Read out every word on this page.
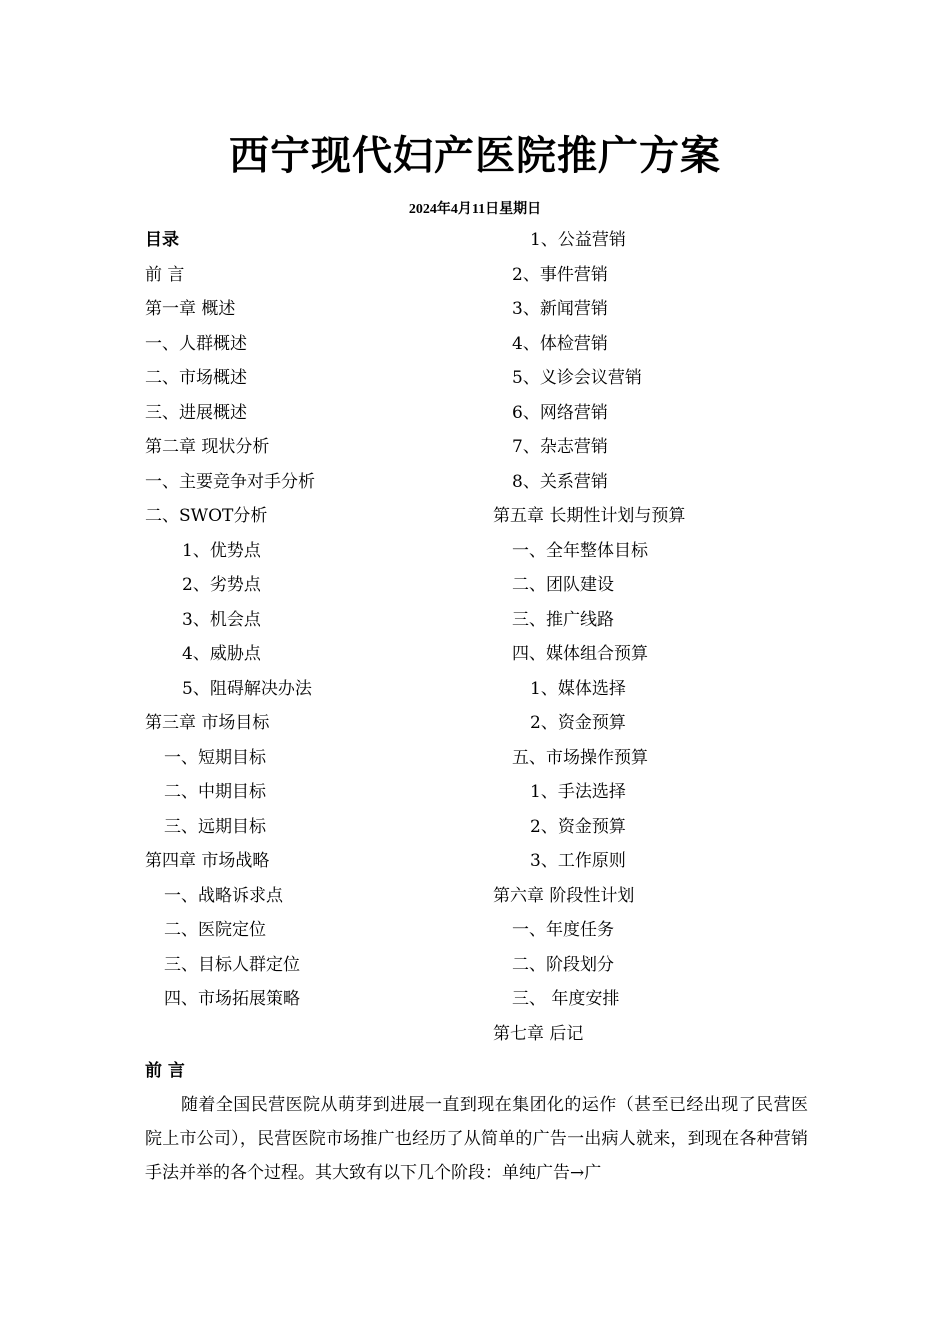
西宁现代妇产医院推广方案
2024年4月11日星期日
目录
前 言
第一章 概述
一、人群概述
二、市场概述
三、进展概述
第二章 现状分析
一、主要竞争对手分析
二、SWOT分析
1、优势点
2、劣势点
3、机会点
4、威胁点
5、阻碍解决办法
第三章 市场目标
一、短期目标
二、中期目标
三、远期目标
第四章 市场战略
一、战略诉求点
二、医院定位
三、目标人群定位
四、市场拓展策略
1、公益营销
2、事件营销
3、新闻营销
4、体检营销
5、义诊会议营销
6、网络营销
7、杂志营销
8、关系营销
第五章 长期性计划与预算
一、全年整体目标
二、团队建设
三、推广线路
四、媒体组合预算
1、媒体选择
2、资金预算
五、市场操作预算
1、手法选择
2、资金预算
3、工作原则
第六章 阶段性计划
一、年度任务
二、阶段划分
三、 年度安排
第七章 后记
前 言

随着全国民营医院从萌芽到进展一直到现在集团化的运作（甚至已经出现了民营医院上市公司），民营医院市场推广也经历了从简单的广告一出病人就来，到现在各种营销手法并举的各个过程。其大致有以下几个阶段：单纯广告→广
